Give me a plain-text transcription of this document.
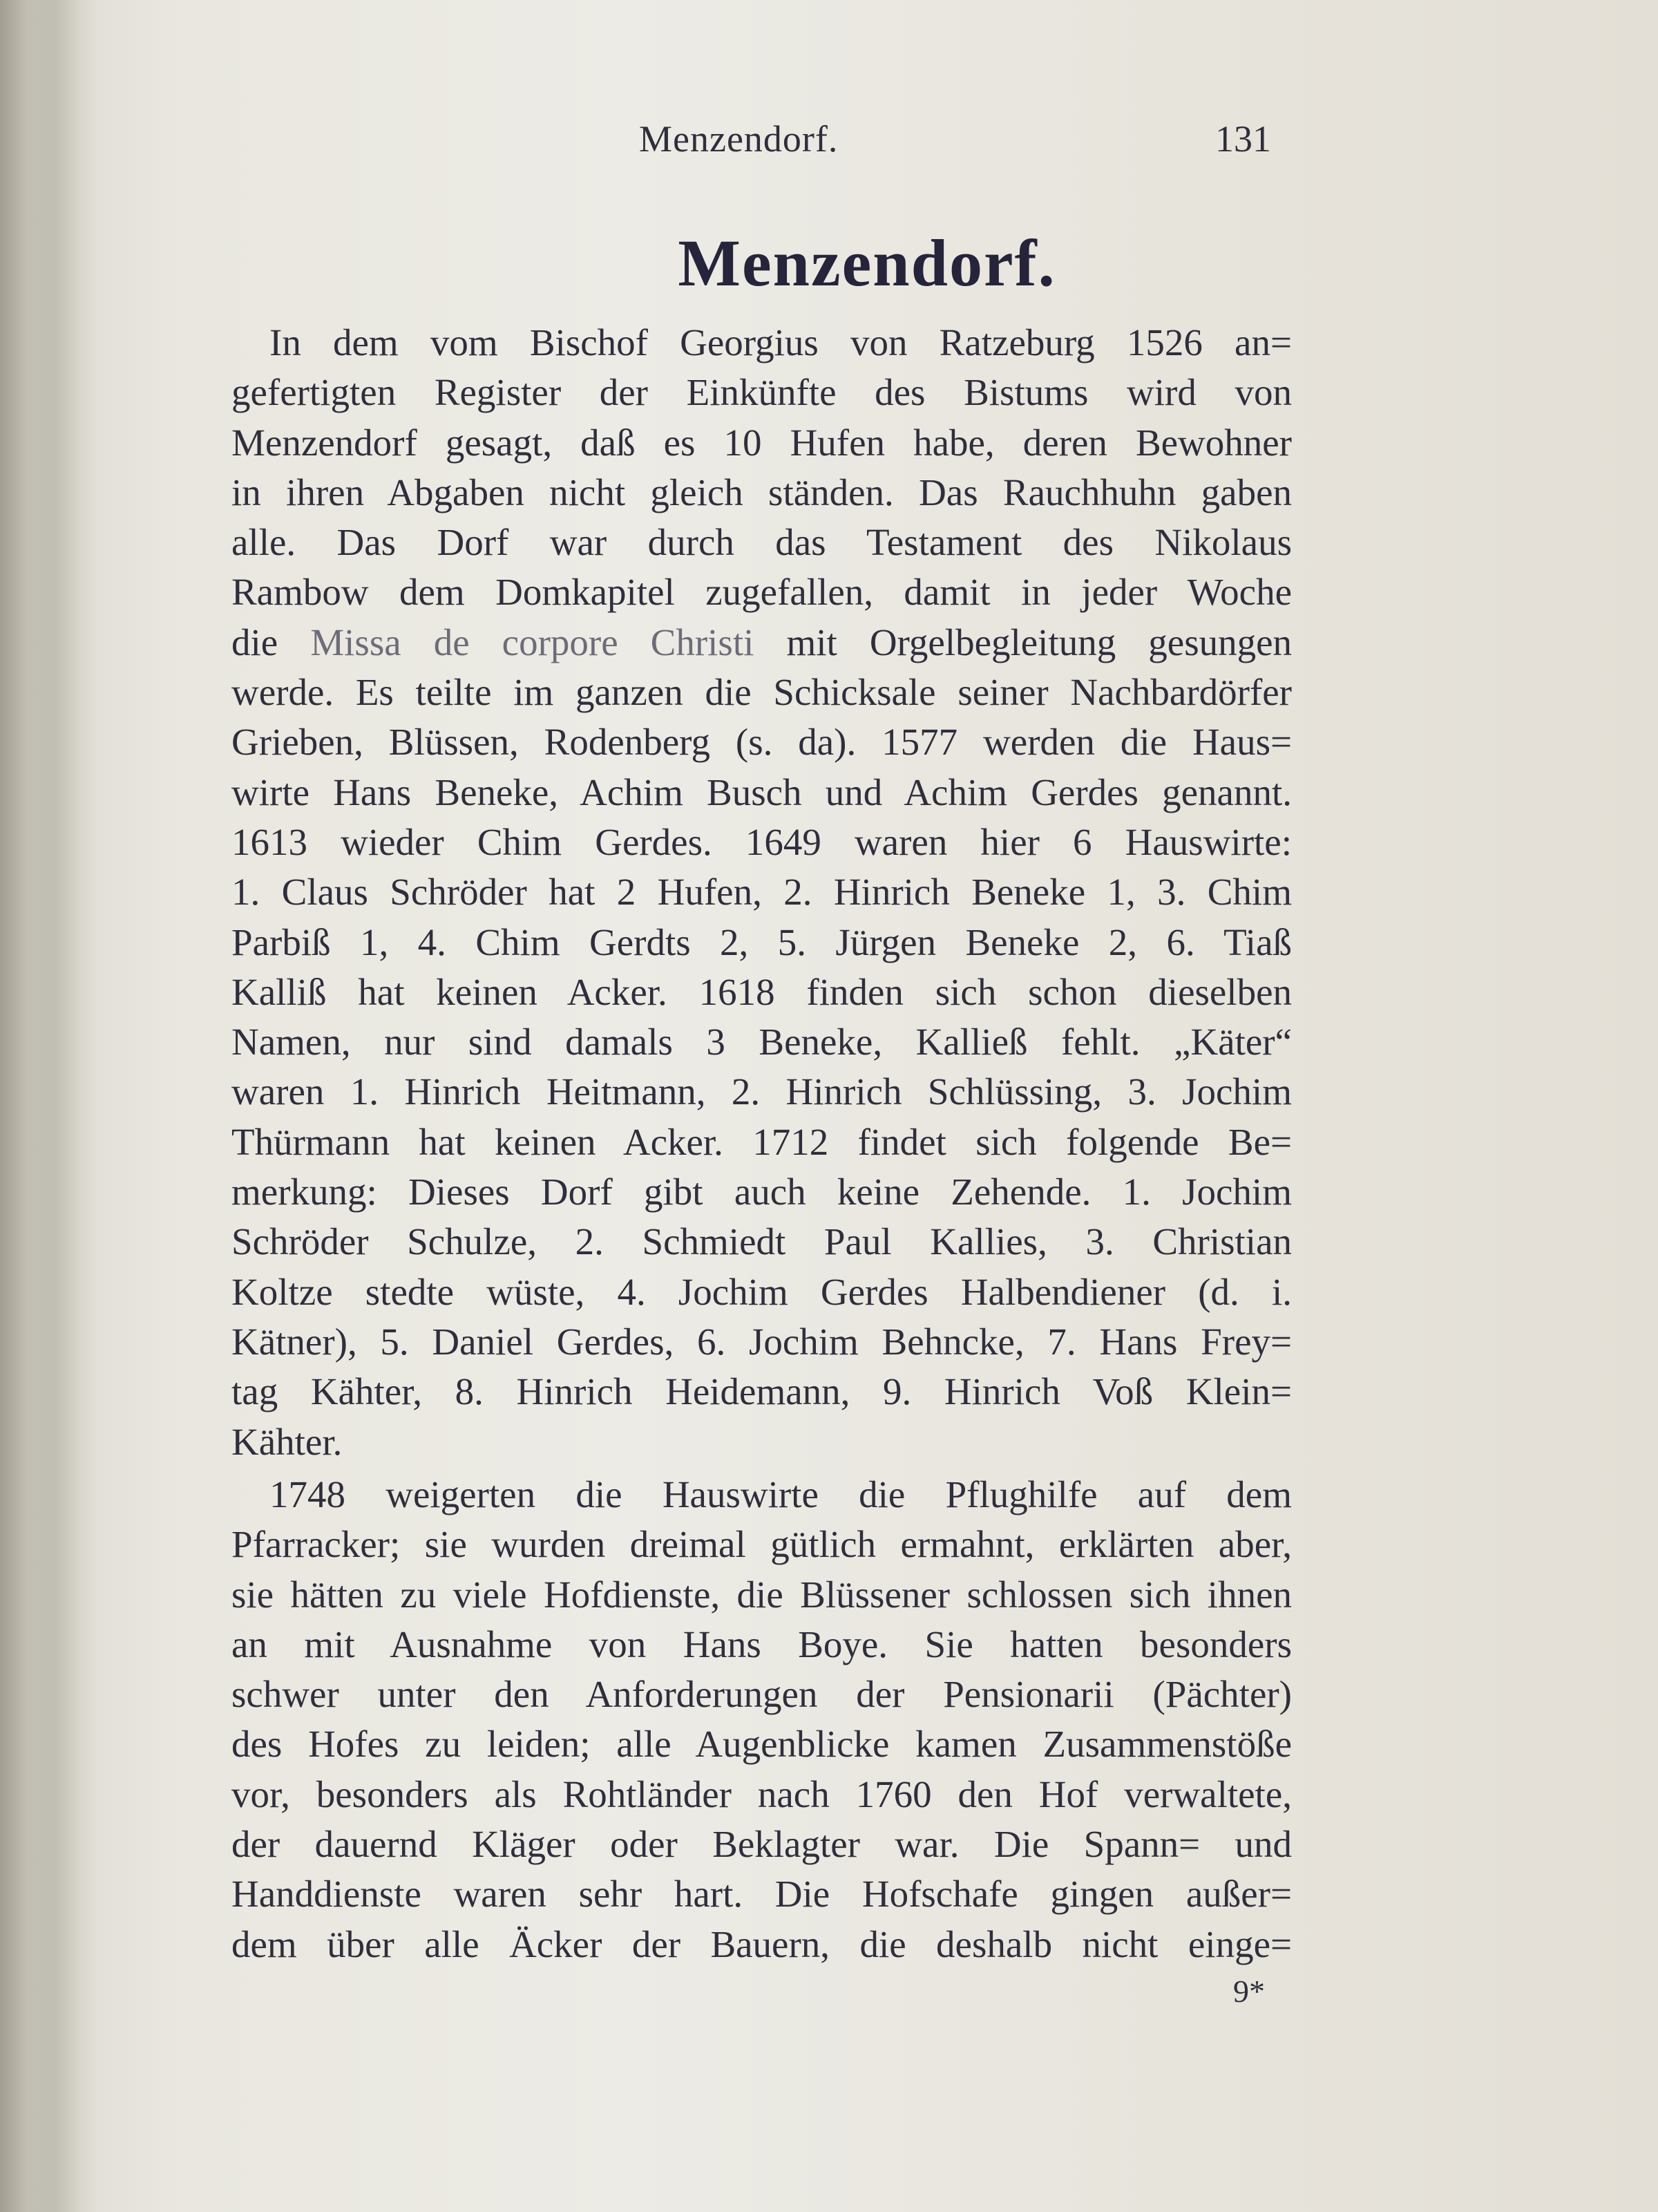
Menzendorf.	131
Menzendorf.
In dem vom Bischof Georgius von Ratzeburg 1526 an=
gefertigten Register der Einkünfte des Bistums wird von
Menzendorf gesagt, daß es 10 Hufen habe, deren Bewohner
in ihren Abgaben nicht gleich ständen. Das Rauchhuhn gaben
alle. Das Dorf war durch das Testament des Nikolaus
Rambow dem Domkapitel zugefallen, damit in jeder Woche
die Missa de corpore Christi mit Orgelbegleitung gesungen
werde. Es teilte im ganzen die Schicksale seiner Nachbardörfer
Grieben, Blüssen, Rodenberg (s. da). 1577 werden die Haus=
wirte Hans Beneke, Achim Busch und Achim Gerdes genannt.
1613 wieder Chim Gerdes. 1649 waren hier 6 Hauswirte:
1. Claus Schröder hat 2 Hufen, 2. Hinrich Beneke 1, 3. Chim
Parbiß 1, 4. Chim Gerdts 2, 5. Jürgen Beneke 2, 6. Tiaß
Kalliß hat keinen Acker. 1618 finden sich schon dieselben
Namen, nur sind damals 3 Beneke, Kalließ fehlt. „Käter“
waren 1. Hinrich Heitmann, 2. Hinrich Schlüssing, 3. Jochim
Thürmann hat keinen Acker. 1712 findet sich folgende Be=
merkung: Dieses Dorf gibt auch keine Zehende. 1. Jochim
Schröder Schulze, 2. Schmiedt Paul Kallies, 3. Christian
Koltze stedte wüste, 4. Jochim Gerdes Halbendiener (d. i.
Kätner), 5. Daniel Gerdes, 6. Jochim Behncke, 7. Hans Frey=
tag Kähter, 8. Hinrich Heidemann, 9. Hinrich Voß Klein=
Kähter.
1748 weigerten die Hauswirte die Pflughilfe auf dem
Pfarracker; sie wurden dreimal gütlich ermahnt, erklärten aber,
sie hätten zu viele Hofdienste, die Blüssener schlossen sich ihnen
an mit Ausnahme von Hans Boye. Sie hatten besonders
schwer unter den Anforderungen der Pensionarii (Pächter)
des Hofes zu leiden; alle Augenblicke kamen Zusammenstöße
vor, besonders als Rohtländer nach 1760 den Hof verwaltete,
der dauernd Kläger oder Beklagter war. Die Spann= und
Handdienste waren sehr hart. Die Hofschafe gingen außer=
dem über alle Äcker der Bauern, die deshalb nicht einge=
9*
